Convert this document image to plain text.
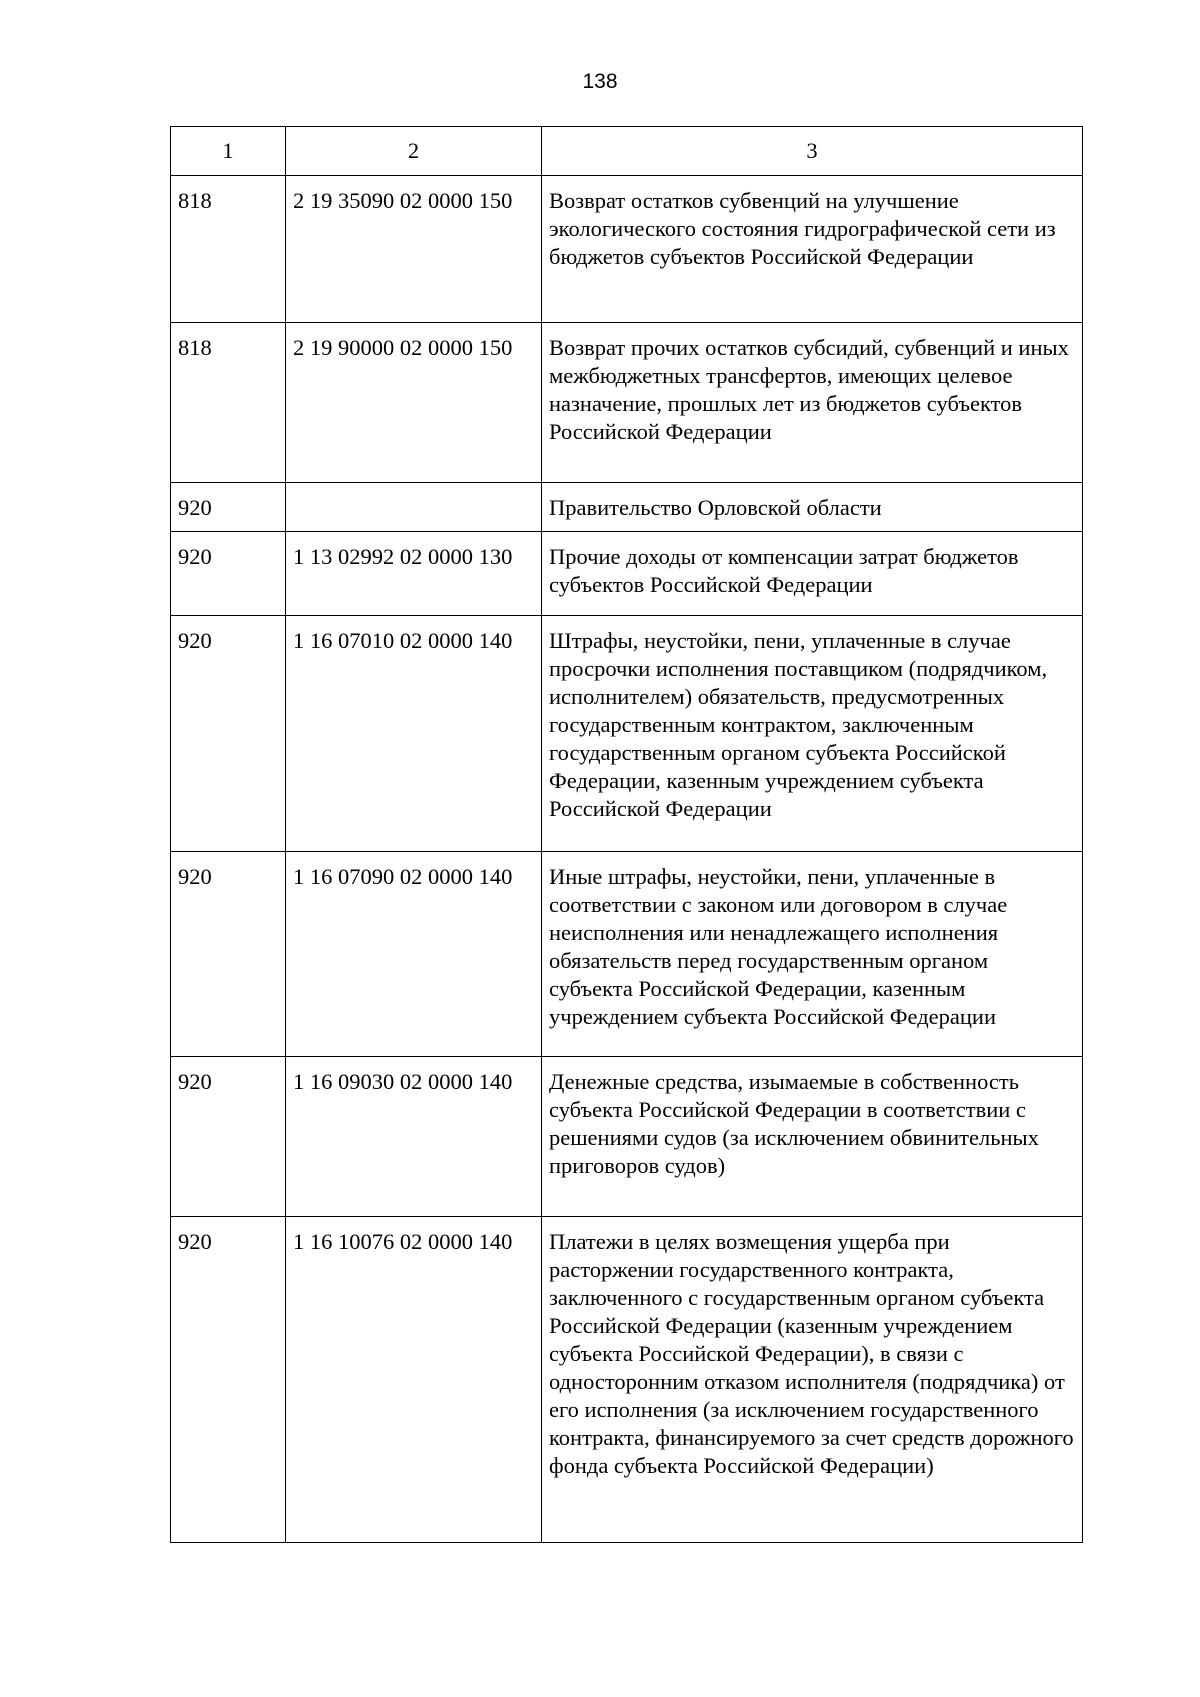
138
1	2	3
818	2 19 35090 02 0000 150	Возврат остатков субвенций на улучшение экологического состояния гидрографической сети из бюджетов субъектов Российской Федерации
818	2 19 90000 02 0000 150	Возврат прочих остатков субсидий, субвенций и иных межбюджетных трансфертов, имеющих целевое назначение, прошлых лет из бюджетов субъектов Российской Федерации
920		Правительство Орловской области
920	1 13 02992 02 0000 130	Прочие доходы от компенсации затрат бюджетов субъектов Российской Федерации
920	1 16 07010 02 0000 140	Штрафы, неустойки, пени, уплаченные в случае просрочки исполнения поставщиком (подрядчиком, исполнителем) обязательств, предусмотренных государственным контрактом, заключенным государственным органом субъекта Российской Федерации, казенным учреждением субъекта Российской Федерации
920	1 16 07090 02 0000 140	Иные штрафы, неустойки, пени, уплаченные в соответствии с законом или договором в случае неисполнения или ненадлежащего исполнения обязательств перед государственным органом субъекта Российской Федерации, казенным учреждением субъекта Российской Федерации
920	1 16 09030 02 0000 140	Денежные средства, изымаемые в собственность субъекта Российской Федерации в соответствии с решениями судов (за исключением обвинительных приговоров судов)
920	1 16 10076 02 0000 140	Платежи в целях возмещения ущерба при расторжении государственного контракта, заключенного с государственным органом субъекта Российской Федерации (казенным учреждением субъекта Российской Федерации), в связи с односторонним отказом исполнителя (подрядчика) от его исполнения (за исключением государственного контракта, финансируемого за счет средств дорожного фонда субъекта Российской Федерации)
